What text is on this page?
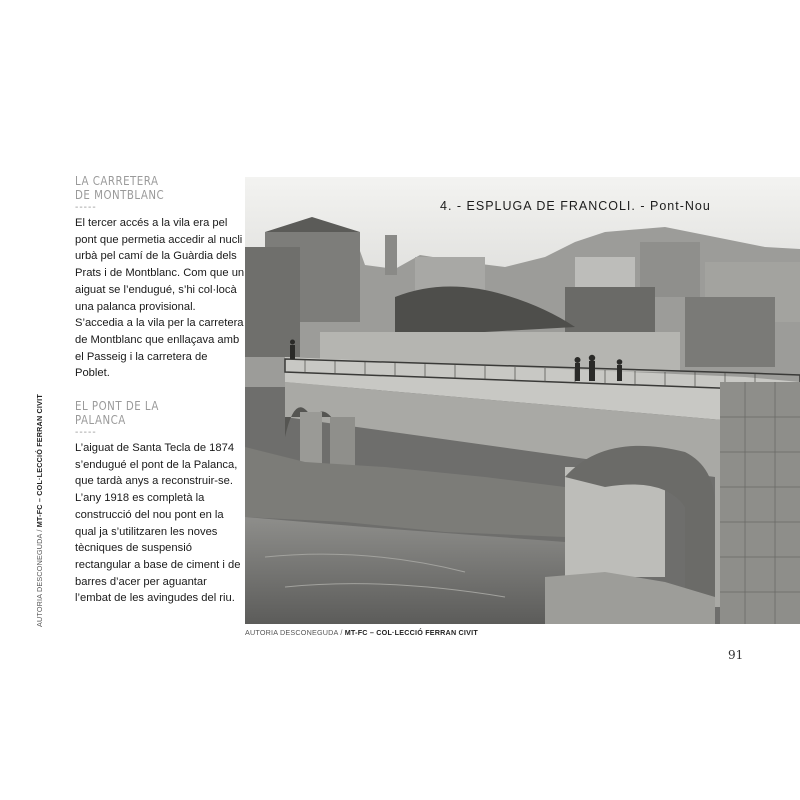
AUTORIA DESCONEGUDA / MT-FC – COL·LECCIÓ FERRAN CIVIT
LA CARRETERA
DE MONTBLANC
-----

El tercer accés a la vila era pel pont que permetia accedir al nucli urbà pel camí de la Guàrdia dels Prats i de Montblanc. Com que un aiguat se l’endugué, s’hi col·locà una palanca provisional. S’accedia a la vila per la carretera de Montblanc que enllaçava amb el Passeig i la carretera de Poblet.

EL PONT DE LA
PALANCA
-----

L’aiguat de Santa Tecla de 1874 s’endugué el pont de la Palanca, que tardà anys a reconstruir-se. L’any 1918 es completà la construcció del nou pont en la qual ja s’utilitzaren les noves tècniques de suspensió rectangular a base de ciment i de barres d’acer per aguantar l’embat de les avingudes del riu.

4. - ESPLUGA DE FRANCOLI. - Pont-Nou
AUTORIA DESCONEGUDA / MT-FC – COL·LECCIÓ FERRAN CIVIT
91
